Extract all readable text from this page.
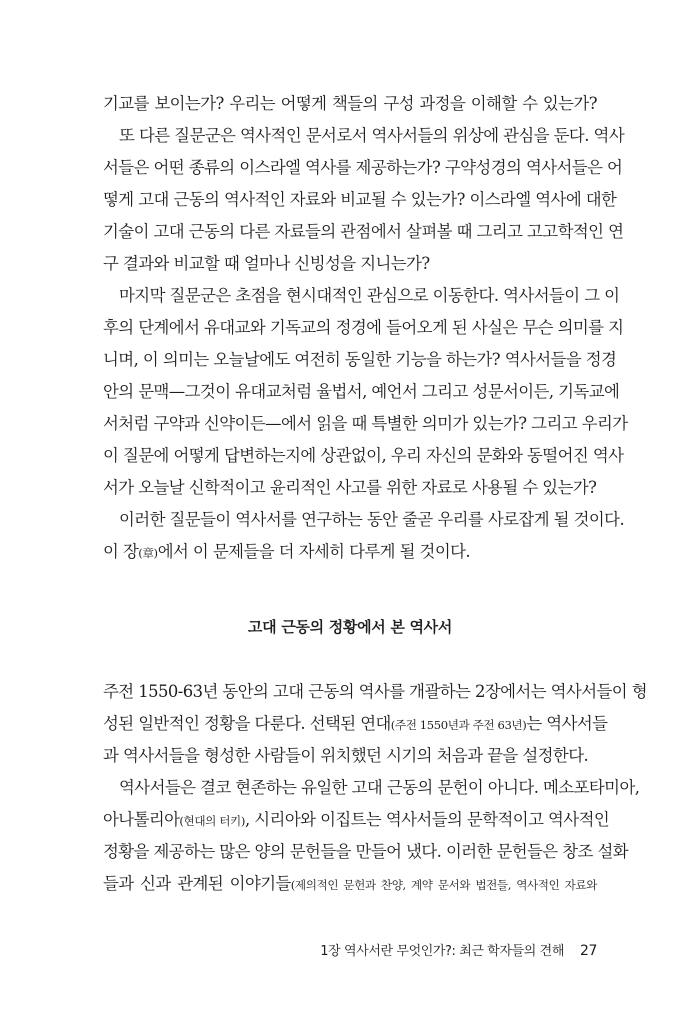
기교를 보이는가? 우리는 어떻게 책들의 구성 과정을 이해할 수 있는가?
또 다른 질문군은 역사적인 문서로서 역사서들의 위상에 관심을 둔다. 역사
서들은 어떤 종류의 이스라엘 역사를 제공하는가? 구약성경의 역사서들은 어
떻게 고대 근동의 역사적인 자료와 비교될 수 있는가? 이스라엘 역사에 대한
기술이 고대 근동의 다른 자료들의 관점에서 살펴볼 때 그리고 고고학적인 연
구 결과와 비교할 때 얼마나 신빙성을 지니는가?
마지막 질문군은 초점을 현시대적인 관심으로 이동한다. 역사서들이 그 이
후의 단계에서 유대교와 기독교의 정경에 들어오게 된 사실은 무슨 의미를 지
니며, 이 의미는 오늘날에도 여전히 동일한 기능을 하는가? 역사서들을 정경
안의 문맥—그것이 유대교처럼 율법서, 예언서 그리고 성문서이든, 기독교에
서처럼 구약과 신약이든—에서 읽을 때 특별한 의미가 있는가? 그리고 우리가
이 질문에 어떻게 답변하는지에 상관없이, 우리 자신의 문화와 동떨어진 역사
서가 오늘날 신학적이고 윤리적인 사고를 위한 자료로 사용될 수 있는가?
이러한 질문들이 역사서를 연구하는 동안 줄곧 우리를 사로잡게 될 것이다.
이 장(章)에서 이 문제들을 더 자세히 다루게 될 것이다.
고대 근동의 정황에서 본 역사서
주전 1550-63년 동안의 고대 근동의 역사를 개괄하는 2장에서는 역사서들이 형
성된 일반적인 정황을 다룬다. 선택된 연대(주전 1550년과 주전 63년)는 역사서들
과 역사서들을 형성한 사람들이 위치했던 시기의 처음과 끝을 설정한다.
역사서들은 결코 현존하는 유일한 고대 근동의 문헌이 아니다. 메소포타미아,
아나톨리아(현대의 터키), 시리아와 이집트는 역사서들의 문학적이고 역사적인
정황을 제공하는 많은 양의 문헌들을 만들어 냈다. 이러한 문헌들은 창조 설화
들과 신과 관계된 이야기들(제의적인 문헌과 찬양, 계약 문서와 법전들, 역사적인 자료와
1장 역사서란 무엇인가?: 최근 학자들의 견해 27
